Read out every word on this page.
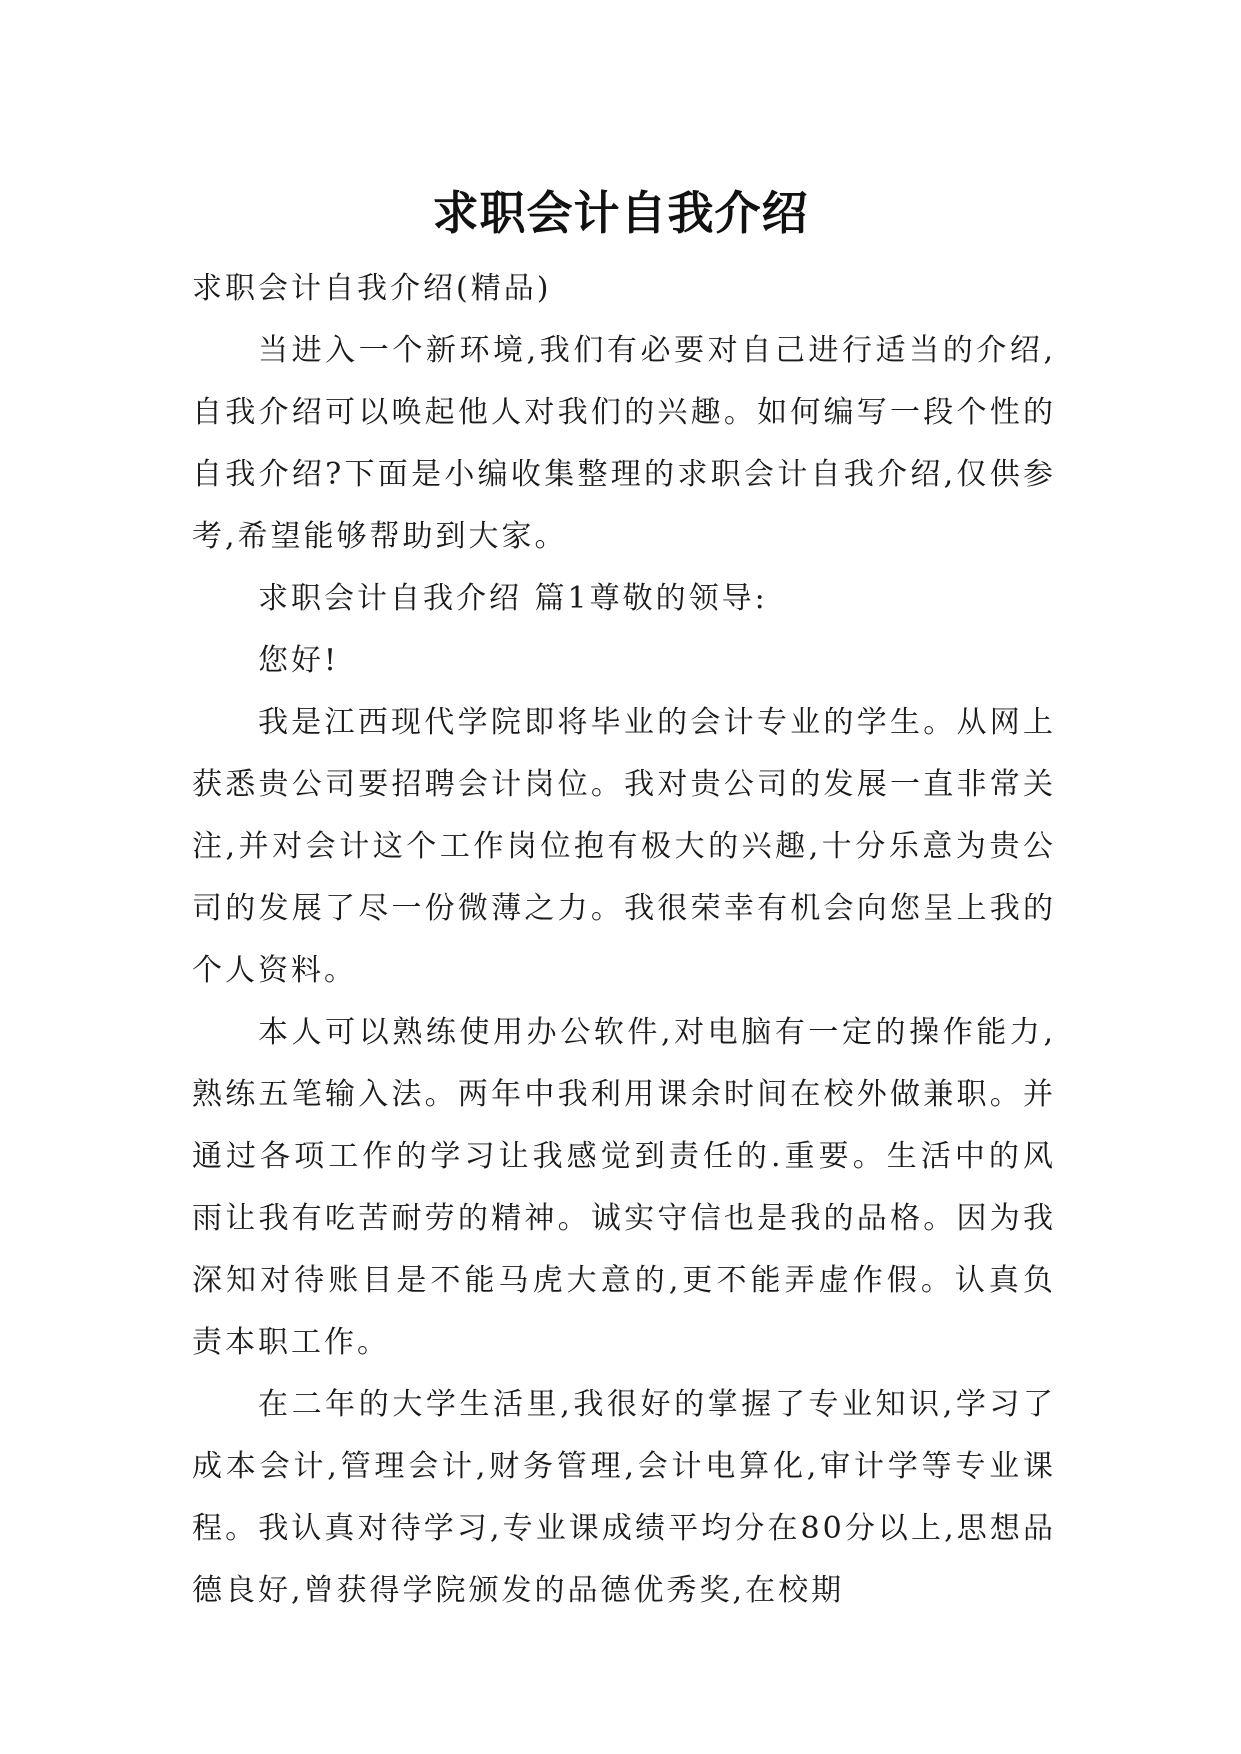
求职会计自我介绍

求职会计自我介绍(精品)

当进入一个新环境,我们有必要对自己进行适当的介绍,自我介绍可以唤起他人对我们的兴趣。如何编写一段个性的自我介绍?下面是小编收集整理的求职会计自我介绍,仅供参考,希望能够帮助到大家。

求职会计自我介绍 篇1尊敬的领导:

您好!

我是江西现代学院即将毕业的会计专业的学生。从网上获悉贵公司要招聘会计岗位。我对贵公司的发展一直非常关注,并对会计这个工作岗位抱有极大的兴趣,十分乐意为贵公司的发展了尽一份微薄之力。我很荣幸有机会向您呈上我的个人资料。

本人可以熟练使用办公软件,对电脑有一定的操作能力,熟练五笔输入法。两年中我利用课余时间在校外做兼职。并通过各项工作的学习让我感觉到责任的.重要。生活中的风雨让我有吃苦耐劳的精神。诚实守信也是我的品格。因为我深知对待账目是不能马虎大意的,更不能弄虚作假。认真负责本职工作。

在二年的大学生活里,我很好的掌握了专业知识,学习了成本会计,管理会计,财务管理,会计电算化,审计学等专业课程。我认真对待学习,专业课成绩平均分在80分以上,思想品德良好,曾获得学院颁发的品德优秀奖,在校期
